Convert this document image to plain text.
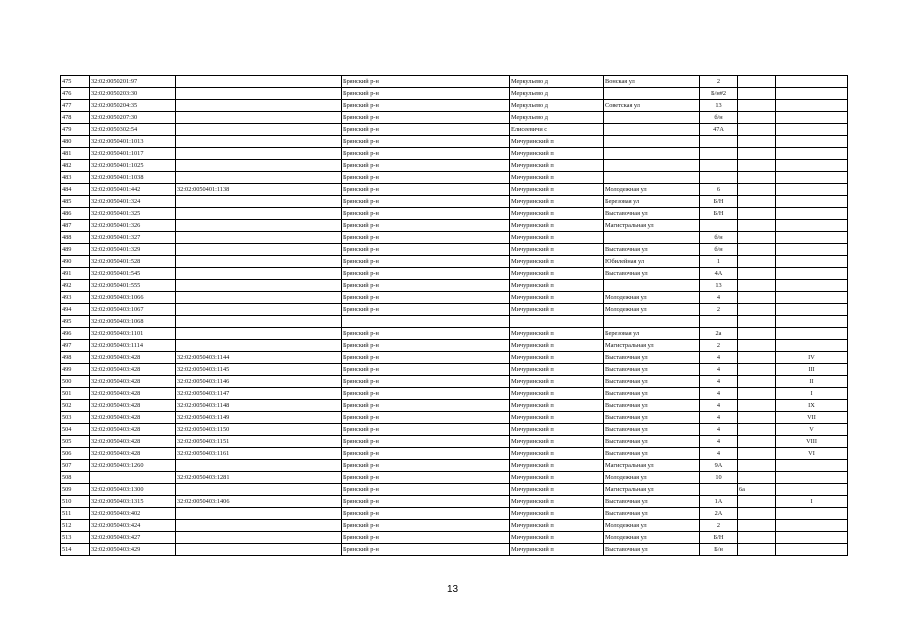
475	32:02:0050201:97		Брянский р-н	Меркульево д	Вонская ул	2		
476	32:02:0050203:30		Брянский р-н	Меркульево д		Б/н#2		
477	32:02:0050204:35		Брянский р-н	Меркульево д	Советская ул	13		
478	32:02:0050207:30		Брянский р-н	Меркульево д		б/н		
479	32:02:0050302:54		Брянский р-н	Елисеевичи с		47А		
480	32:02:0050401:1013		Брянский р-н	Мичуринский п				
481	32:02:0050401:1017		Брянский р-н	Мичуринский п				
482	32:02:0050401:1025		Брянский р-н	Мичуринский п				
483	32:02:0050401:1038		Брянский р-н	Мичуринский п				
484	32:02:0050401:442	32:02:0050401:1138	Брянский р-н	Мичуринский п	Молодежная ул	6		
485	32:02:0050401:324		Брянский р-н	Мичуринский п	Березовая ул	Б/Н		
486	32:02:0050401:325		Брянский р-н	Мичуринский п	Выставочная ул	Б/Н		
487	32:02:0050401:326		Брянский р-н	Мичуринский п	Магистральная ул			
488	32:02:0050401:327		Брянский р-н	Мичуринский п		б/н		
489	32:02:0050401:329		Брянский р-н	Мичуринский п	Выставочная ул	б/н		
490	32:02:0050401:528		Брянский р-н	Мичуринский п	Юбилейная ул	1		
491	32:02:0050401:545		Брянский р-н	Мичуринский п	Выставочная ул	4А		
492	32:02:0050401:555		Брянский р-н	Мичуринский п		13		
493	32:02:0050403:1066		Брянский р-н	Мичуринский п	Молодежная ул	4		
494	32:02:0050403:1067		Брянский р-н	Мичуринский п	Молодежная ул	2		
495	32:02:0050403:1068							
496	32:02:0050403:1101		Брянский р-н	Мичуринский п	Березовая ул	2а		
497	32:02:0050403:1114		Брянский р-н	Мичуринский п	Магистральная ул	2		
498	32:02:0050403:428	32:02:0050403:1144	Брянский р-н	Мичуринский п	Выставочная ул	4		IV
499	32:02:0050403:428	32:02:0050403:1145	Брянский р-н	Мичуринский п	Выставочная ул	4		III
500	32:02:0050403:428	32:02:0050403:1146	Брянский р-н	Мичуринский п	Выставочная ул	4		II
501	32:02:0050403:428	32:02:0050403:1147	Брянский р-н	Мичуринский п	Выставочная ул	4		I
502	32:02:0050403:428	32:02:0050403:1148	Брянский р-н	Мичуринский п	Выставочная ул	4		IX
503	32:02:0050403:428	32:02:0050403:1149	Брянский р-н	Мичуринский п	Выставочная ул	4		VII
504	32:02:0050403:428	32:02:0050403:1150	Брянский р-н	Мичуринский п	Выставочная ул	4		V
505	32:02:0050403:428	32:02:0050403:1151	Брянский р-н	Мичуринский п	Выставочная ул	4		VIII
506	32:02:0050403:428	32:02:0050403:1161	Брянский р-н	Мичуринский п	Выставочная ул	4		VI
507	32:02:0050403:1260		Брянский р-н	Мичуринский п	Магистральная ул	9А		
508		32:02:0050403:1281	Брянский р-н	Мичуринский п	Молодежная ул	10		
509	32:02:0050403:1300		Брянский р-н	Мичуринский п	Магистральная ул		6а	
510	32:02:0050403:1315	32:02:0050403:1406	Брянский р-н	Мичуринский п	Выставочная ул	1А		I
511	32:02:0050403:402		Брянский р-н	Мичуринский п	Выставочная ул	2А		
512	32:02:0050403:424		Брянский р-н	Мичуринский п	Молодежная ул	2		
513	32:02:0050403:427		Брянский р-н	Мичуринский п	Молодежная ул	Б/Н		
514	32:02:0050403:429		Брянский р-н	Мичуринский п	Выставочная ул	Б/н		
13
